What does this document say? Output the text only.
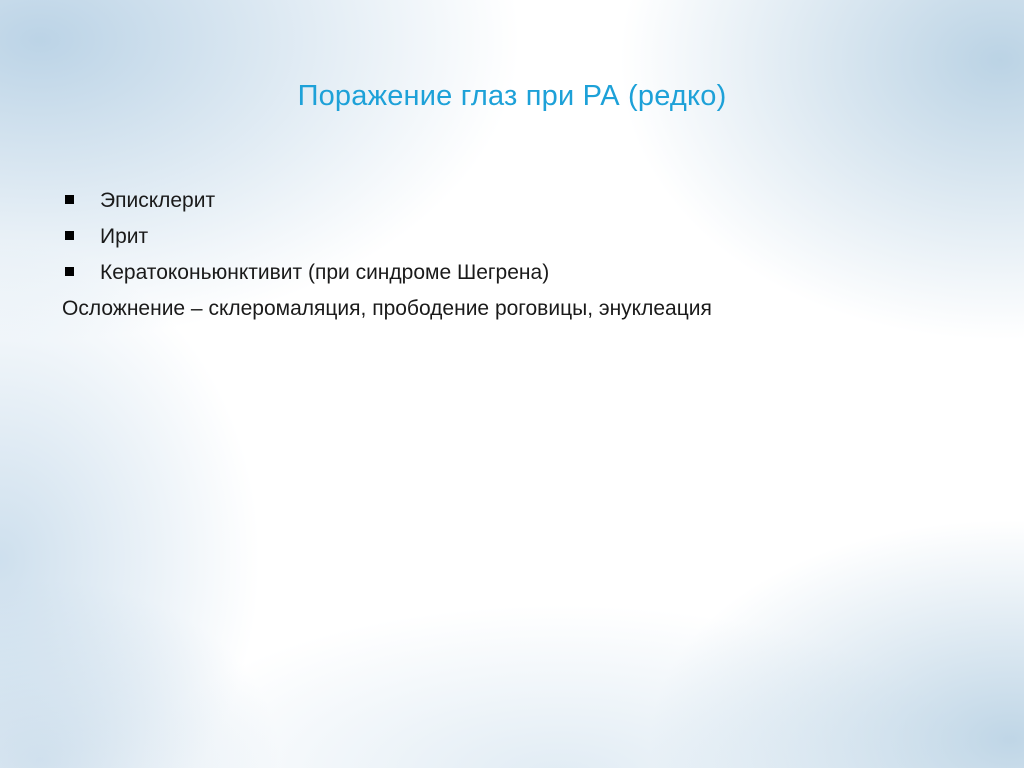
Поражение глаз при РА (редко)
Эписклерит
Ирит
Кератоконьюнктивит (при синдроме Шегрена)
Осложнение – склеромаляция, прободение роговицы, энуклеация
